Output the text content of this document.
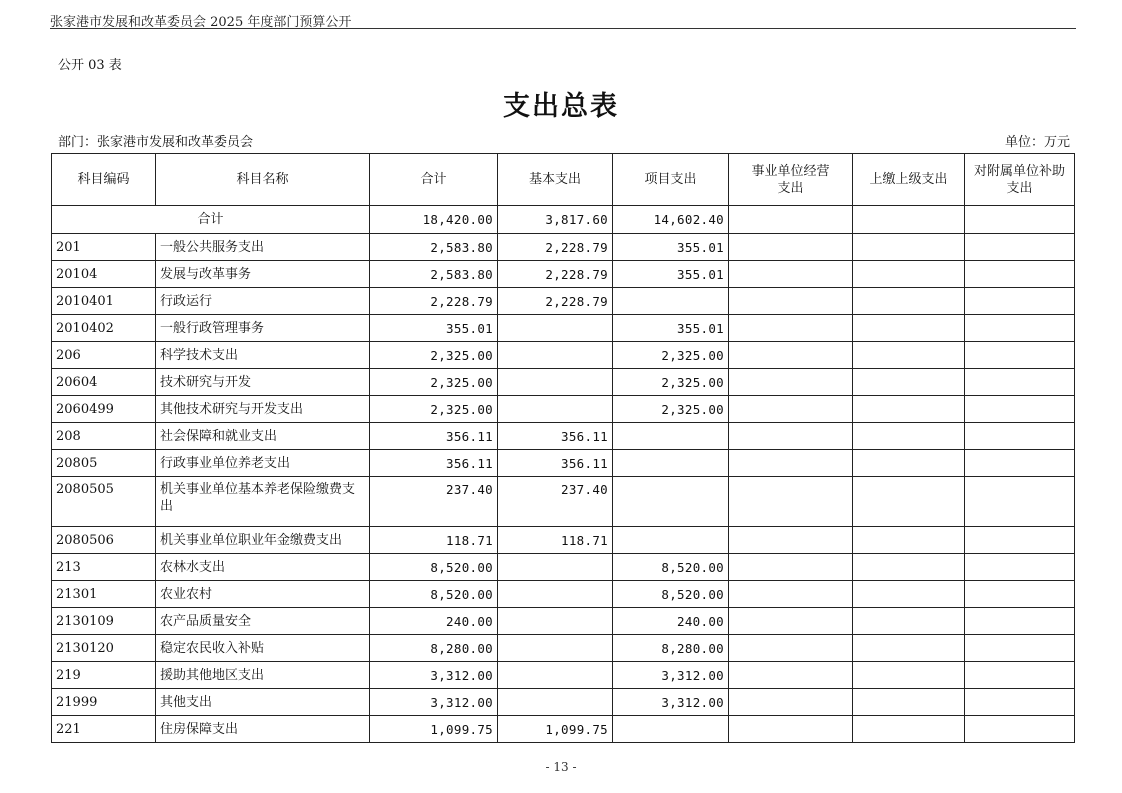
张家港市发展和改革委员会 2025 年度部门预算公开
公开 03 表
支出总表
部门：张家港市发展和改革委员会	单位：万元
科目编码	科目名称	合计	基本支出	项目支出	事业单位经营支出	上缴上级支出	对附属单位补助支出
合计		18,420.00	3,817.60	14,602.40			
201	一般公共服务支出	2,583.80	2,228.79	355.01			
20104	发展与改革事务	2,583.80	2,228.79	355.01			
2010401	行政运行	2,228.79	2,228.79				
2010402	一般行政管理事务	355.01		355.01			
206	科学技术支出	2,325.00		2,325.00			
20604	技术研究与开发	2,325.00		2,325.00			
2060499	其他技术研究与开发支出	2,325.00		2,325.00			
208	社会保障和就业支出	356.11	356.11				
20805	行政事业单位养老支出	356.11	356.11				
2080505	机关事业单位基本养老保险缴费支出	237.40	237.40				
2080506	机关事业单位职业年金缴费支出	118.71	118.71				
213	农林水支出	8,520.00		8,520.00			
21301	农业农村	8,520.00		8,520.00			
2130109	农产品质量安全	240.00		240.00			
2130120	稳定农民收入补贴	8,280.00		8,280.00			
219	援助其他地区支出	3,312.00		3,312.00			
21999	其他支出	3,312.00		3,312.00			
221	住房保障支出	1,099.75	1,099.75				
- 13 -
